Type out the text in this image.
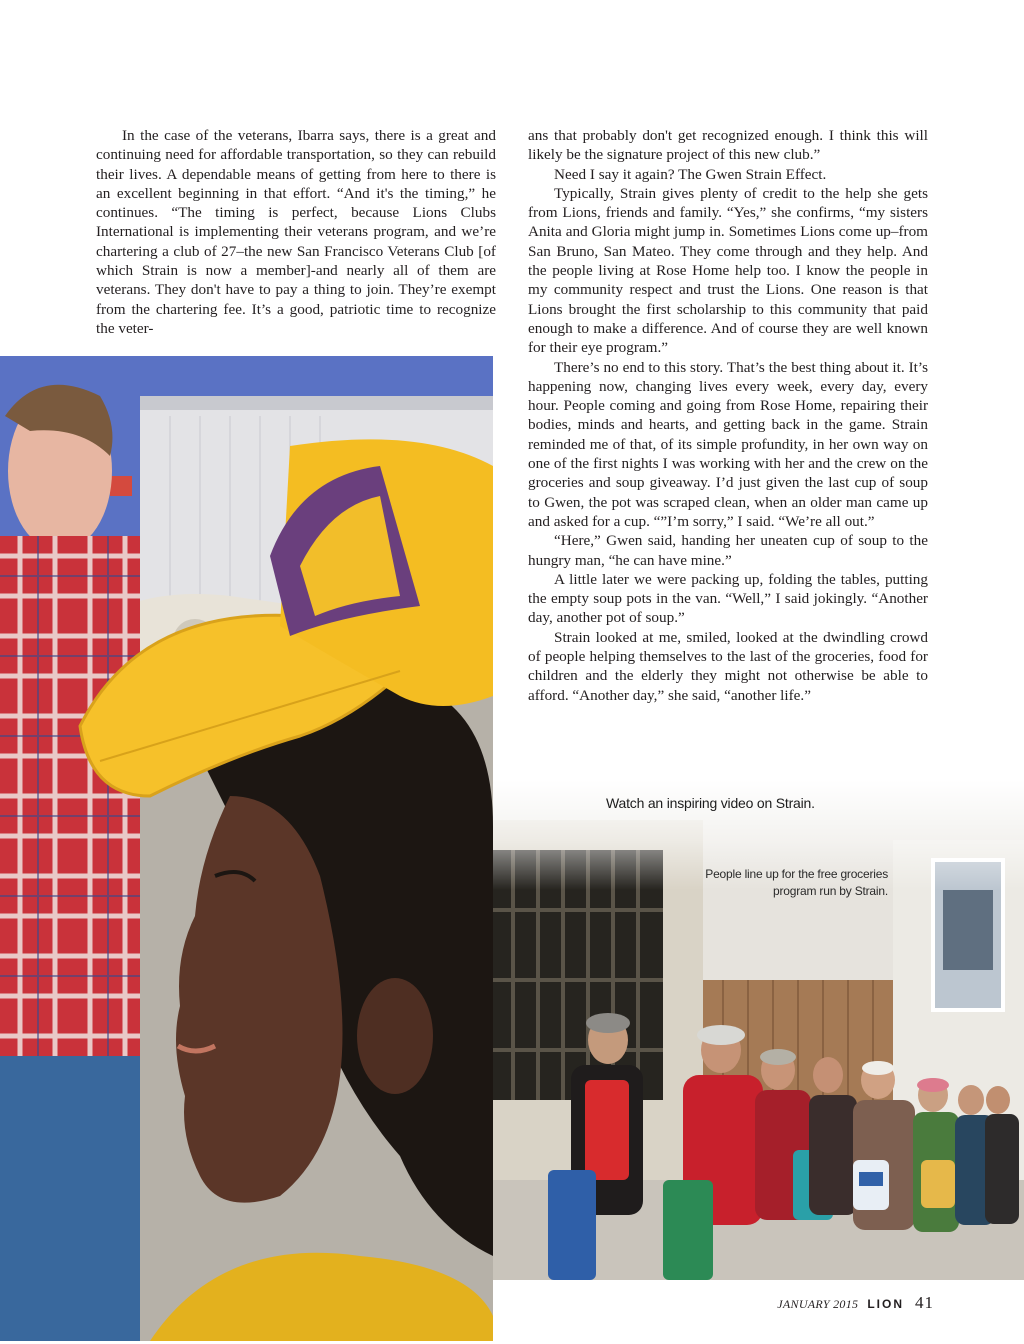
In the case of the veterans, Ibarra says, there is a great and continuing need for affordable transportation, so they can rebuild their lives. A dependable means of getting from here to there is an excellent beginning in that effort. “And it's the timing,” he continues. “The timing is perfect, because Lions Clubs International is implementing their veterans program, and we’re chartering a club of 27–the new San Francisco Veterans Club [of which Strain is now a member]-and nearly all of them are veterans. They don't have to pay a thing to join. They’re exempt from the chartering fee. It’s a good, patriotic time to recognize the veter-

ans that probably don't get recognized enough. I think this will likely be the signature project of this new club.”

Need I say it again? The Gwen Strain Effect.

Typically, Strain gives plenty of credit to the help she gets from Lions, friends and family. “Yes,” she confirms, “my sisters Anita and Gloria might jump in. Sometimes Lions come up–from San Bruno, San Mateo. They come through and they help. And the people living at Rose Home help too. I know the people in my community respect and trust the Lions. One reason is that Lions brought the first scholarship to this community that paid enough to make a difference. And of course they are well known for their eye program.”

There’s no end to this story. That’s the best thing about it. It’s happening now, changing lives every week, every day, every hour. People coming and going from Rose Home, repairing their bodies, minds and hearts, and getting back in the game. Strain reminded me of that, of its simple profundity, in her own way on one of the first nights I was working with her and the crew on the groceries and soup giveaway. I’d just given the last cup of soup to Gwen, the pot was scraped clean, when an older man came up and asked for a cup. “”I’m sorry,” I said. “We’re all out.”

“Here,” Gwen said, handing her uneaten cup of soup to the hungry man, “he can have mine.”

A little later we were packing up, folding the tables, putting the empty soup pots in the van. “Well,” I said jokingly. “Another day, another pot of soup.”

Strain looked at me, smiled, looked at the dwindling crowd of people helping themselves to the last of the groceries, food for children and the elderly they might not otherwise be able to afford. “Another day,” she said, “another life.”

Watch an inspiring video on Strain.
People line up for the free groceries program run by Strain.
JANUARY 2015 LION 41
